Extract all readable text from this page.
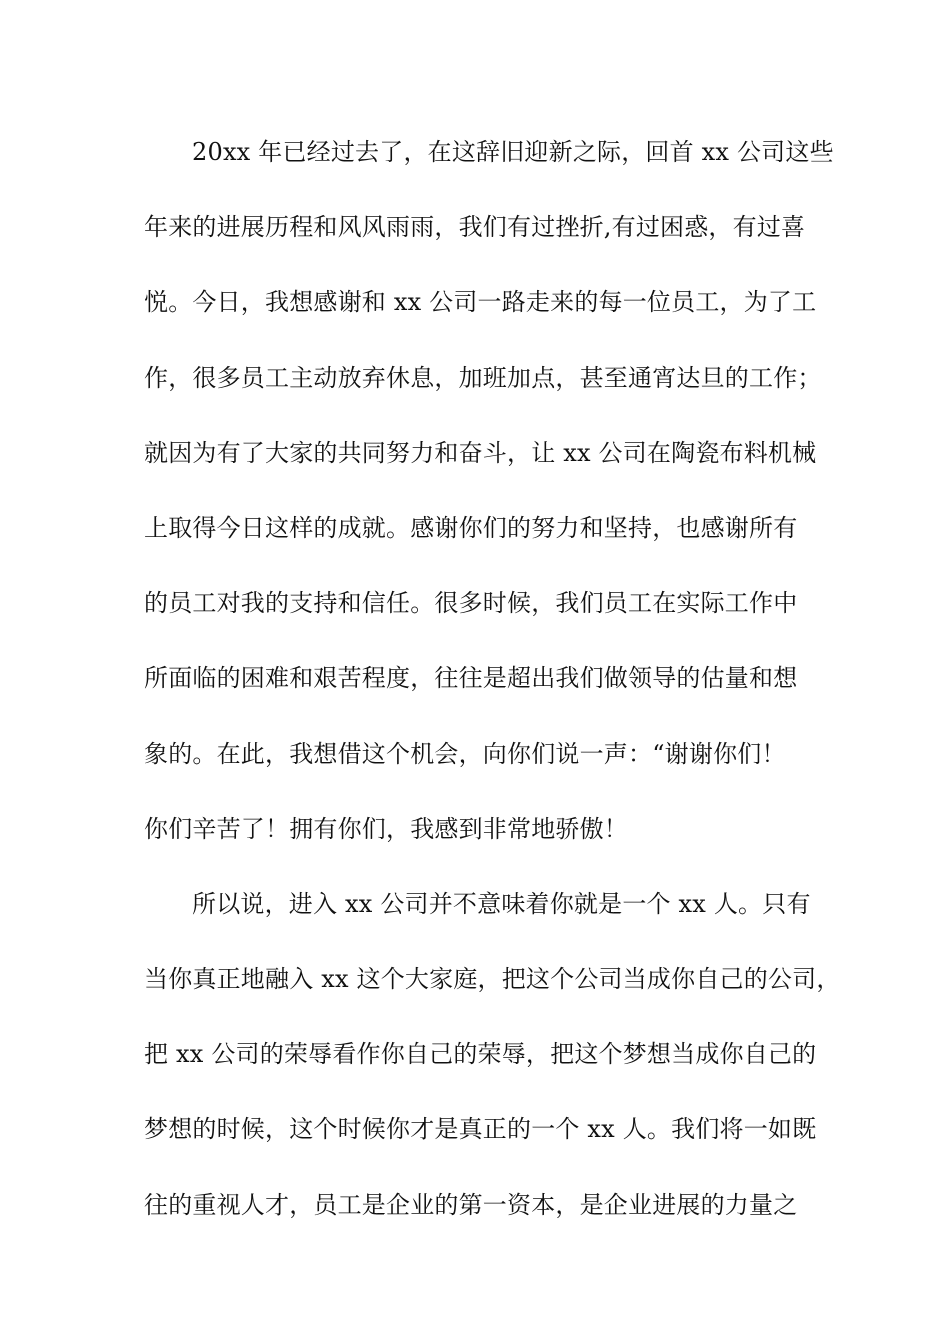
20xx 年已经过去了，在这辞旧迎新之际，回首 xx 公司这些
年来的进展历程和风风雨雨，我们有过挫折,有过困惑，有过喜
悦。今日，我想感谢和 xx 公司一路走来的每一位员工，为了工
作，很多员工主动放弃休息，加班加点，甚至通宵达旦的工作；
就因为有了大家的共同努力和奋斗，让 xx 公司在陶瓷布料机械
上取得今日这样的成就。感谢你们的努力和坚持，也感谢所有
的员工对我的支持和信任。很多时候，我们员工在实际工作中
所面临的困难和艰苦程度，往往是超出我们做领导的估量和想
象的。在此，我想借这个机会，向你们说一声：“谢谢你们！
你们辛苦了！拥有你们，我感到非常地骄傲！
所以说，进入 xx 公司并不意味着你就是一个 xx 人。只有
当你真正地融入 xx 这个大家庭，把这个公司当成你自己的公司，
把 xx 公司的荣辱看作你自己的荣辱，把这个梦想当成你自己的
梦想的时候，这个时候你才是真正的一个 xx 人。我们将一如既
往的重视人才，员工是企业的第一资本，是企业进展的力量之
